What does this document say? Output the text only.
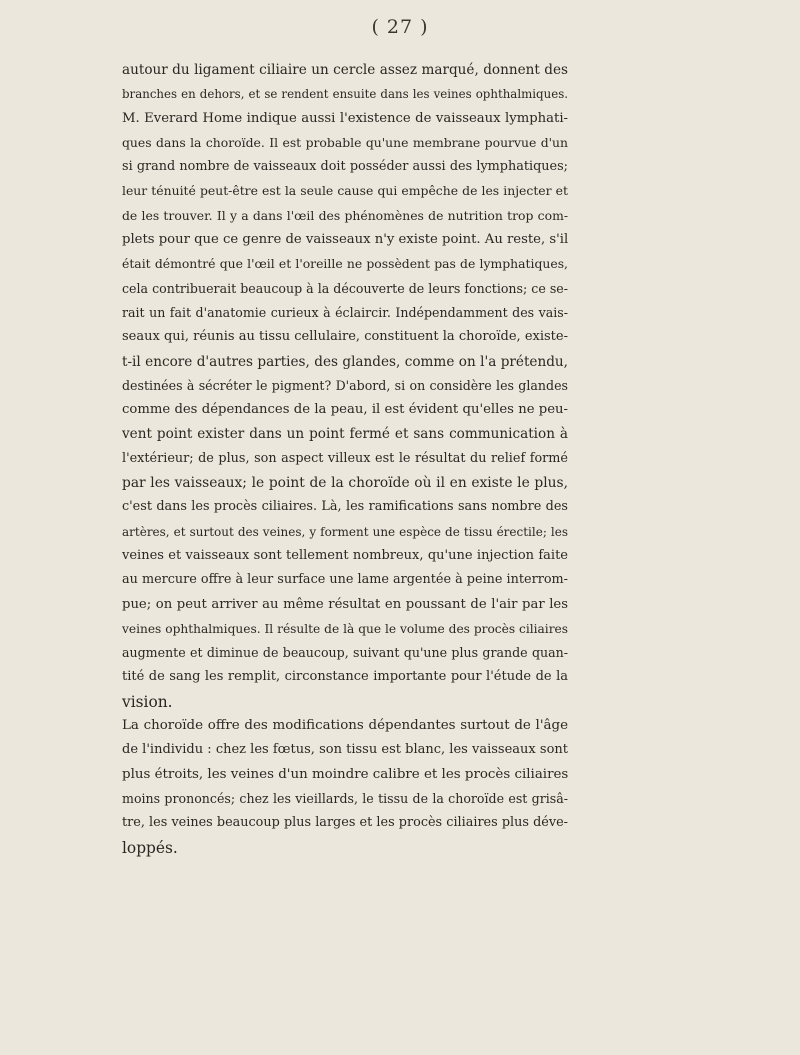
( 27 )
autour du ligament ciliaire un cercle assez marqué, donnent des
branches en dehors, et se rendent ensuite dans les veines ophthalmiques.
M. Everard Home indique aussi l'existence de vaisseaux lymphati-
ques dans la choroïde. Il est probable qu'une membrane pourvue d'un
si grand nombre de vaisseaux doit posséder aussi des lymphatiques;
leur ténuité peut-être est la seule cause qui empêche de les injecter et
de les trouver. Il y a dans l'œil des phénomènes de nutrition trop com-
plets pour que ce genre de vaisseaux n'y existe point. Au reste, s'il
était démontré que l'œil et l'oreille ne possèdent pas de lymphatiques,
cela contribuerait beaucoup à la découverte de leurs fonctions; ce se-
rait un fait d'anatomie curieux à éclaircir. Indépendamment des vais-
seaux qui, réunis au tissu cellulaire, constituent la choroïde, existe-
t-il encore d'autres parties, des glandes, comme on l'a prétendu,
destinées à sécréter le pigment? D'abord, si on considère les glandes
comme des dépendances de la peau, il est évident qu'elles ne peu-
vent point exister dans un point fermé et sans communication à
l'extérieur; de plus, son aspect villeux est le résultat du relief formé
par les vaisseaux; le point de la choroïde où il en existe le plus,
c'est dans les procès ciliaires. Là, les ramifications sans nombre des
artères, et surtout des veines, y forment une espèce de tissu érectile; les
veines et vaisseaux sont tellement nombreux, qu'une injection faite
au mercure offre à leur surface une lame argentée à peine interrom-
pue; on peut arriver au même résultat en poussant de l'air par les
veines ophthalmiques. Il résulte de là que le volume des procès ciliaires
augmente et diminue de beaucoup, suivant qu'une plus grande quan-
tité de sang les remplit, circonstance importante pour l'étude de la
vision.
La choroïde offre des modifications dépendantes surtout de l'âge
de l'individu : chez les fœtus, son tissu est blanc, les vaisseaux sont
plus étroits, les veines d'un moindre calibre et les procès ciliaires
moins prononcés; chez les vieillards, le tissu de la choroïde est grisâ-
tre, les veines beaucoup plus larges et les procès ciliaires plus déve-
loppés.
